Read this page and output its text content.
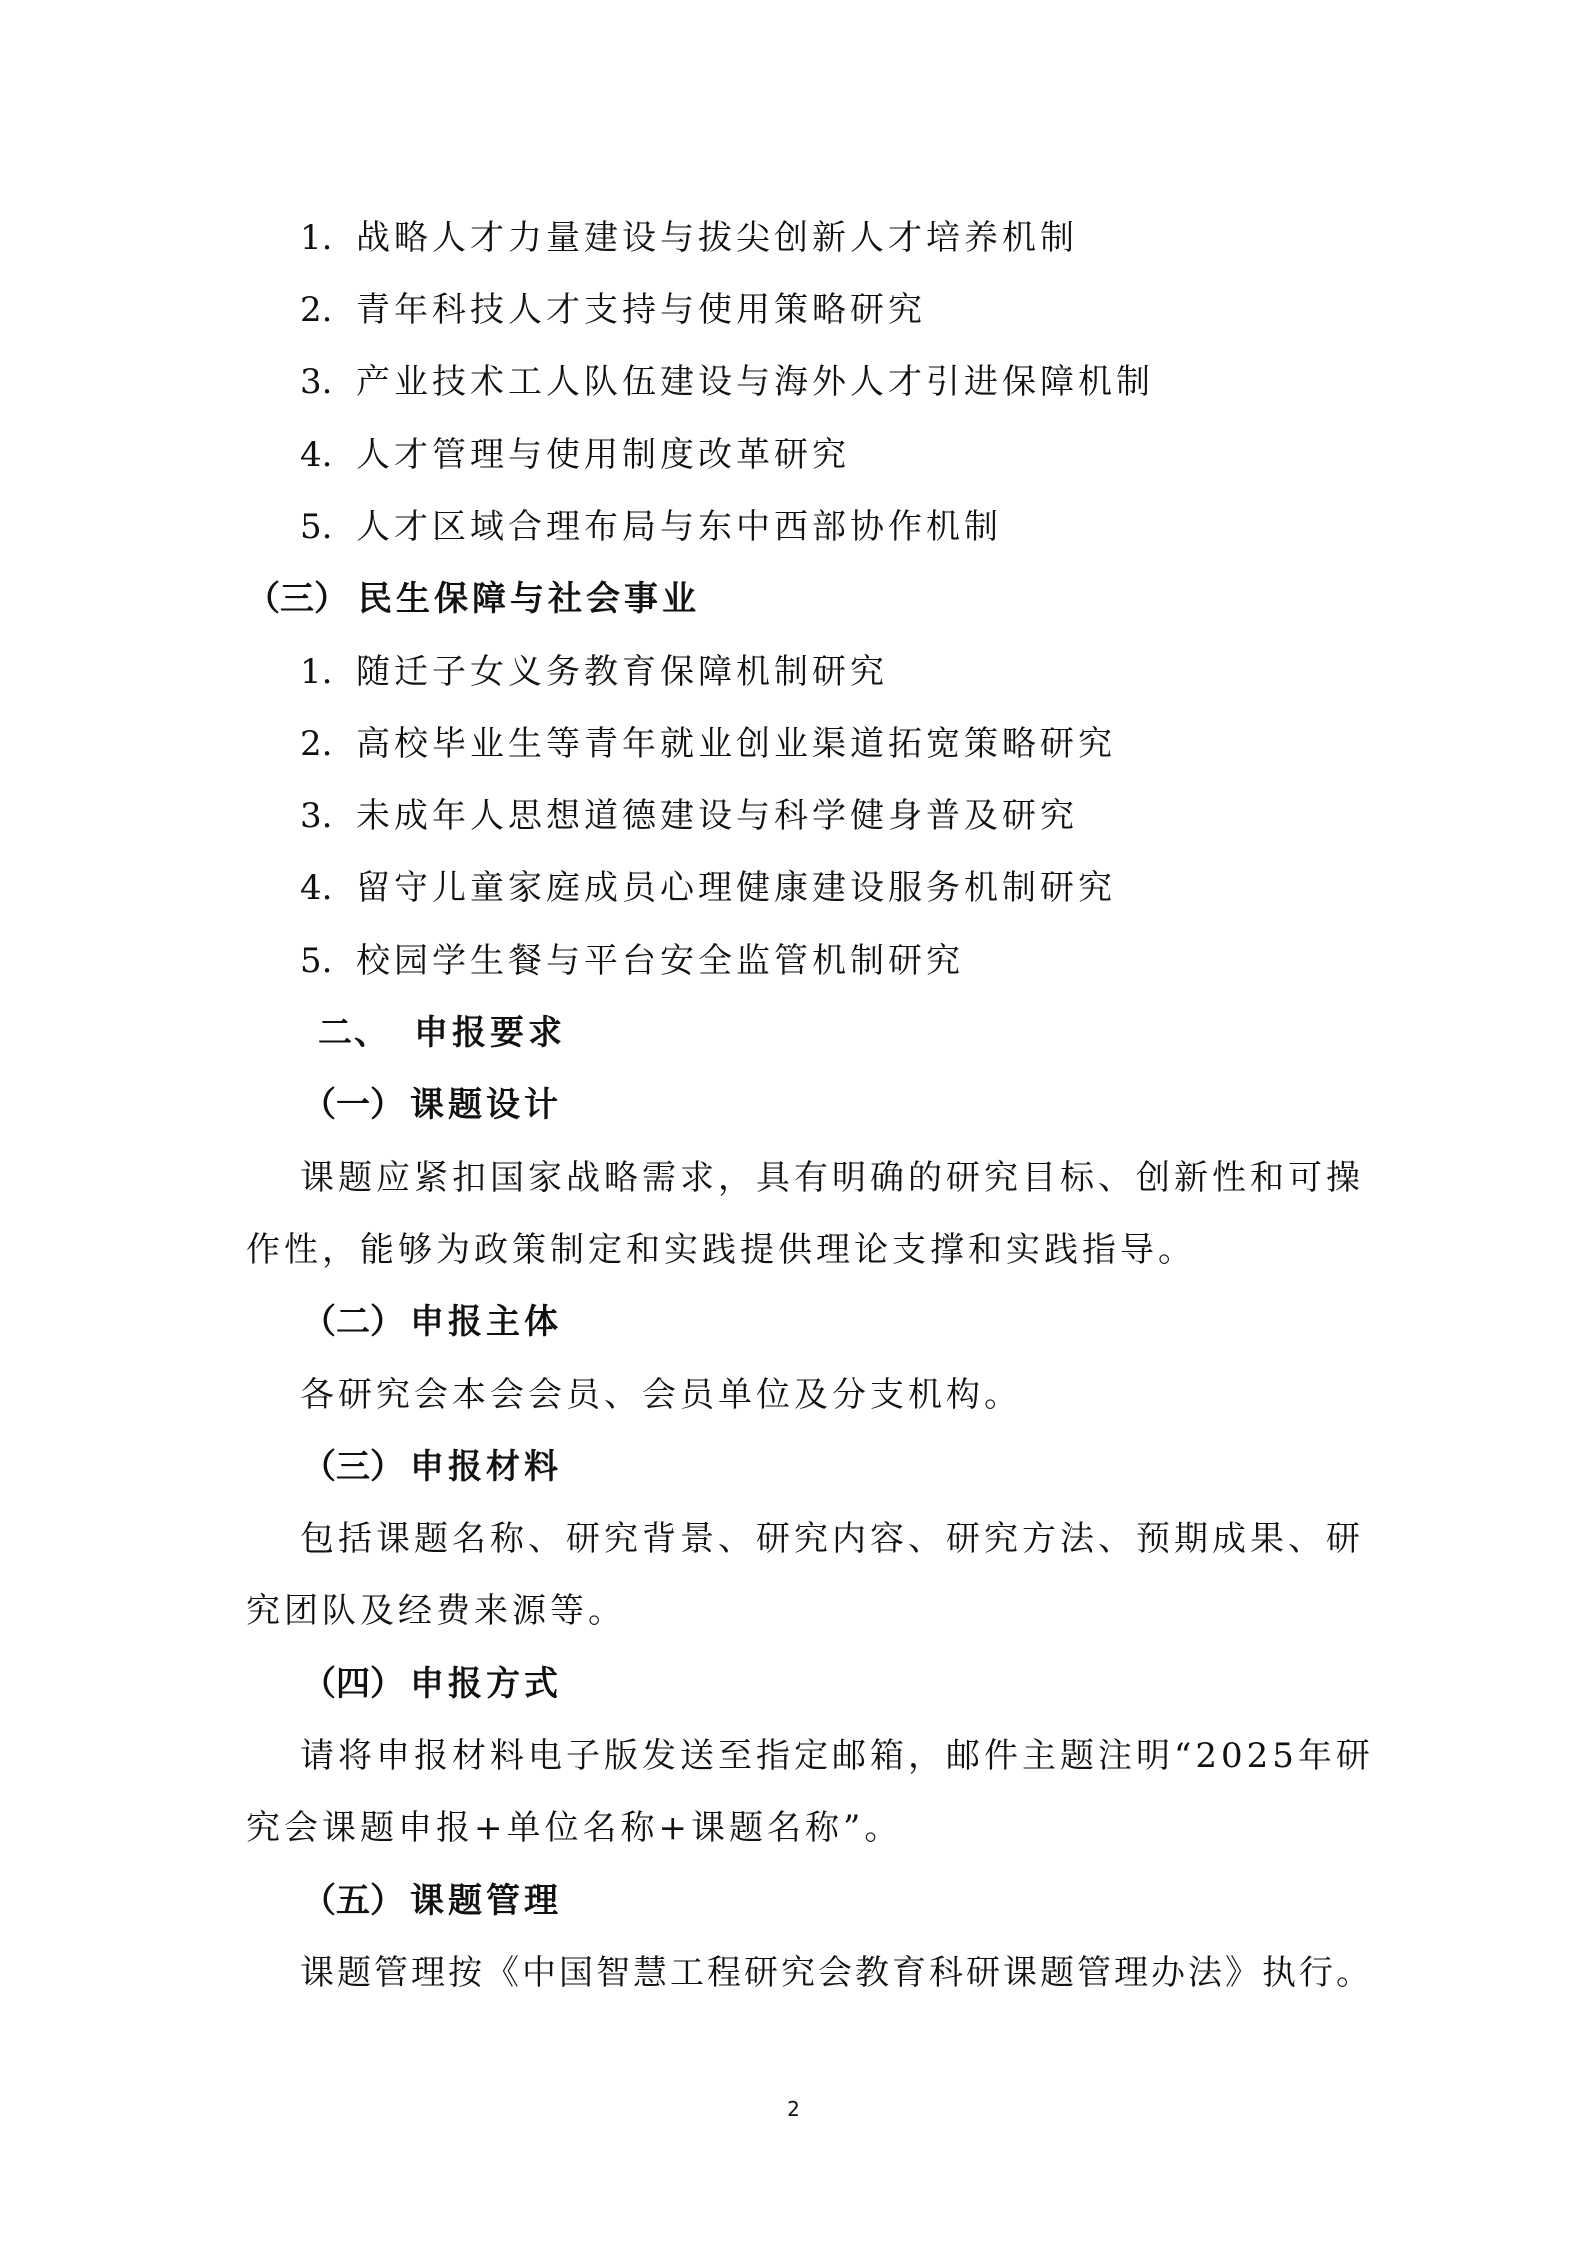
1. 战略人才力量建设与拔尖创新人才培养机制
2. 青年科技人才支持与使用策略研究
3. 产业技术工人队伍建设与海外人才引进保障机制
4. 人才管理与使用制度改革研究
5. 人才区域合理布局与东中西部协作机制
（三） 民生保障与社会事业
1. 随迁子女义务教育保障机制研究
2. 高校毕业生等青年就业创业渠道拓宽策略研究
3. 未成年人思想道德建设与科学健身普及研究
4. 留守儿童家庭成员心理健康建设服务机制研究
5. 校园学生餐与平台安全监管机制研究
二、 申报要求
（一） 课题设计
课题应紧扣国家战略需求，具有明确的研究目标、创新性和可操
作性，能够为政策制定和实践提供理论支撑和实践指导。
（二） 申报主体
各研究会本会会员、会员单位及分支机构。
（三） 申报材料
包括课题名称、研究背景、研究内容、研究方法、预期成果、研
究团队及经费来源等。
（四） 申报方式
请将申报材料电子版发送至指定邮箱，邮件主题注明“2025年研
究会课题申报+单位名称+课题名称”。
（五） 课题管理
课题管理按《中国智慧工程研究会教育科研课题管理办法》执行。
2
